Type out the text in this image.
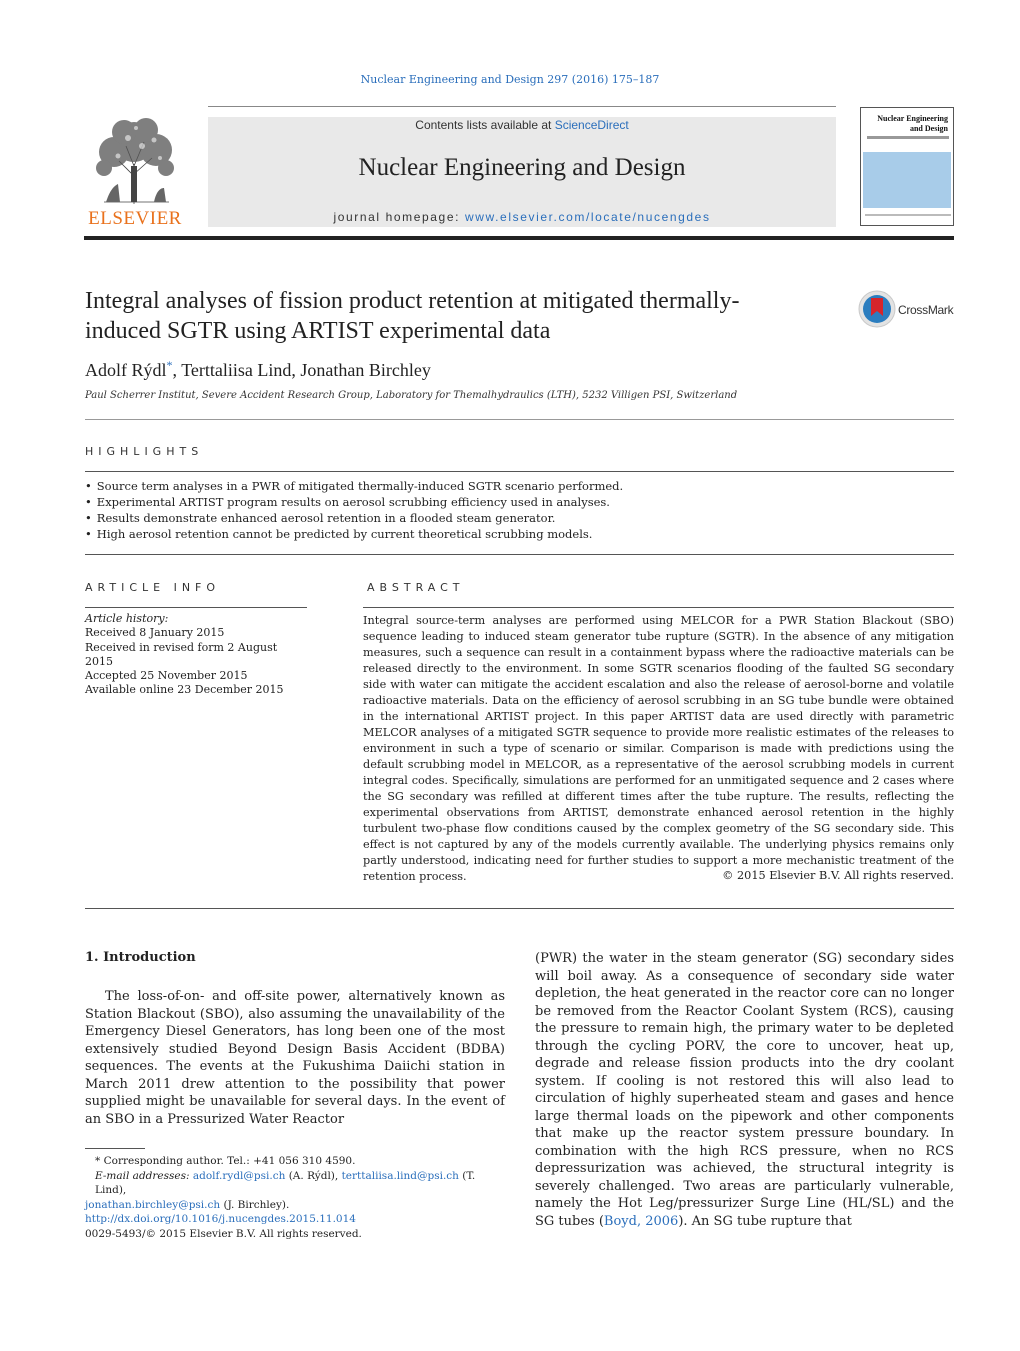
Nuclear Engineering and Design 297 (2016) 175–187
ELSEVIER
Contents lists available at ScienceDirect
Nuclear Engineering and Design
journal homepage: www.elsevier.com/locate/nucengdes
Nuclear Engineering and Design
Integral analyses of fission product retention at mitigated thermally-induced SGTR using ARTIST experimental data
CrossMark
Adolf Rýdl*, Terttaliisa Lind, Jonathan Birchley
Paul Scherrer Institut, Severe Accident Research Group, Laboratory for Themalhydraulics (LTH), 5232 Villigen PSI, Switzerland
HIGHLIGHTS
• Source term analyses in a PWR of mitigated thermally-induced SGTR scenario performed.
• Experimental ARTIST program results on aerosol scrubbing efficiency used in analyses.
• Results demonstrate enhanced aerosol retention in a flooded steam generator.
• High aerosol retention cannot be predicted by current theoretical scrubbing models.
ARTICLE INFO
Article history:
Received 8 January 2015
Received in revised form 2 August 2015
Accepted 25 November 2015
Available online 23 December 2015
ABSTRACT
Integral source-term analyses are performed using MELCOR for a PWR Station Blackout (SBO) sequence leading to induced steam generator tube rupture (SGTR). In the absence of any mitigation measures, such a sequence can result in a containment bypass where the radioactive materials can be released directly to the environment. In some SGTR scenarios flooding of the faulted SG secondary side with water can mitigate the accident escalation and also the release of aerosol-borne and volatile radioactive materials. Data on the efficiency of aerosol scrubbing in an SG tube bundle were obtained in the international ARTIST project. In this paper ARTIST data are used directly with parametric MELCOR analyses of a mitigated SGTR sequence to provide more realistic estimates of the releases to environment in such a type of scenario or similar. Comparison is made with predictions using the default scrubbing model in MELCOR, as a representative of the aerosol scrubbing models in current integral codes. Specifically, simulations are performed for an unmitigated sequence and 2 cases where the SG secondary was refilled at different times after the tube rupture. The results, reflecting the experimental observations from ARTIST, demonstrate enhanced aerosol retention in the highly turbulent two-phase flow conditions caused by the complex geometry of the SG secondary side. This effect is not captured by any of the models currently available. The underlying physics remains only partly understood, indicating need for further studies to support a more mechanistic treatment of the retention process.	© 2015 Elsevier B.V. All rights reserved.
1. Introduction
The loss-of-on- and off-site power, alternatively known as Station Blackout (SBO), also assuming the unavailability of the Emergency Diesel Generators, has long been one of the most extensively studied Beyond Design Basis Accident (BDBA) sequences. The events at the Fukushima Daiichi station in March 2011 drew attention to the possibility that power supplied might be unavailable for several days. In the event of an SBO in a Pressurized Water Reactor
(PWR) the water in the steam generator (SG) secondary sides will boil away. As a consequence of secondary side water depletion, the heat generated in the reactor core can no longer be removed from the Reactor Coolant System (RCS), causing the pressure to remain high, the primary water to be depleted through the cycling PORV, the core to uncover, heat up, degrade and release fission products into the dry coolant system. If cooling is not restored this will also lead to circulation of highly superheated steam and gases and hence large thermal loads on the pipework and other components that make up the reactor system pressure boundary. In combination with the high RCS pressure, when no RCS depressurization was achieved, the structural integrity is severely challenged. Two areas are particularly vulnerable, namely the Hot Leg/pressurizer Surge Line (HL/SL) and the SG tubes (Boyd, 2006). An SG tube rupture that
* Corresponding author. Tel.: +41 056 310 4590.
E-mail addresses: adolf.rydl@psi.ch (A. Rýdl), terttaliisa.lind@psi.ch (T. Lind),
jonathan.birchley@psi.ch (J. Birchley).
http://dx.doi.org/10.1016/j.nucengdes.2015.11.014
0029-5493/© 2015 Elsevier B.V. All rights reserved.
